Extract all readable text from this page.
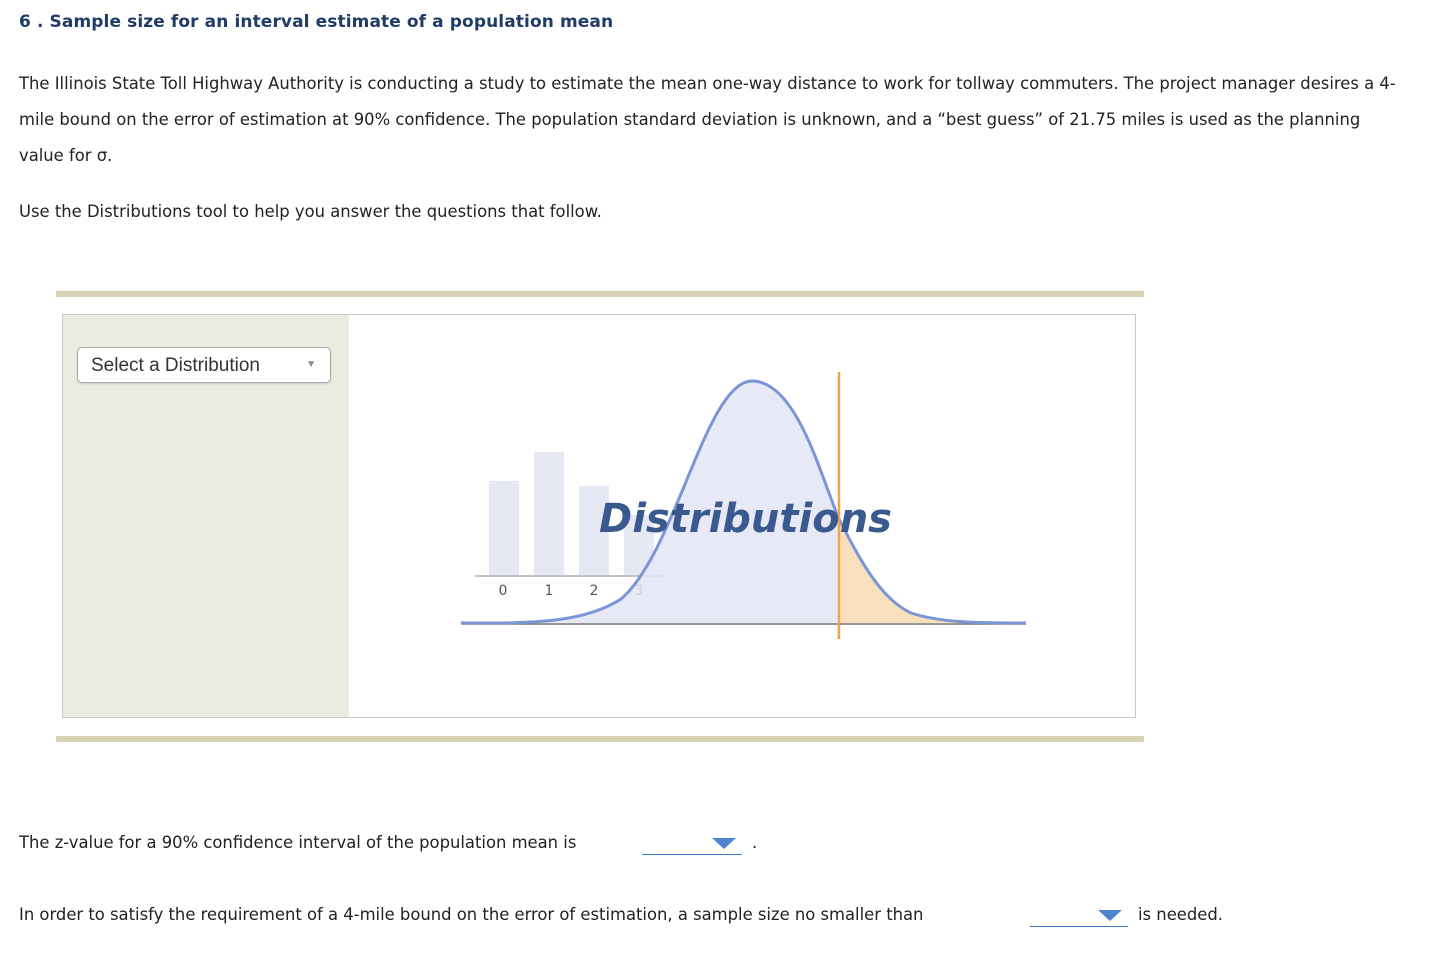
6 . Sample size for an interval estimate of a population mean

The Illinois State Toll Highway Authority is conducting a study to estimate the mean one-way distance to work for tollway commuters. The project manager desires a 4-mile bound on the error of estimation at 90% confidence. The population standard deviation is unknown, and a “best guess” of 21.75 miles is used as the planning value for σ.

Use the Distributions tool to help you answer the questions that follow.

Select a Distribution	▼
0	1	2
Distributions
The z-value for a 90% confidence interval of the population mean is	.
In order to satisfy the requirement of a 4-mile bound on the error of estimation, a sample size no smaller than	is needed.
